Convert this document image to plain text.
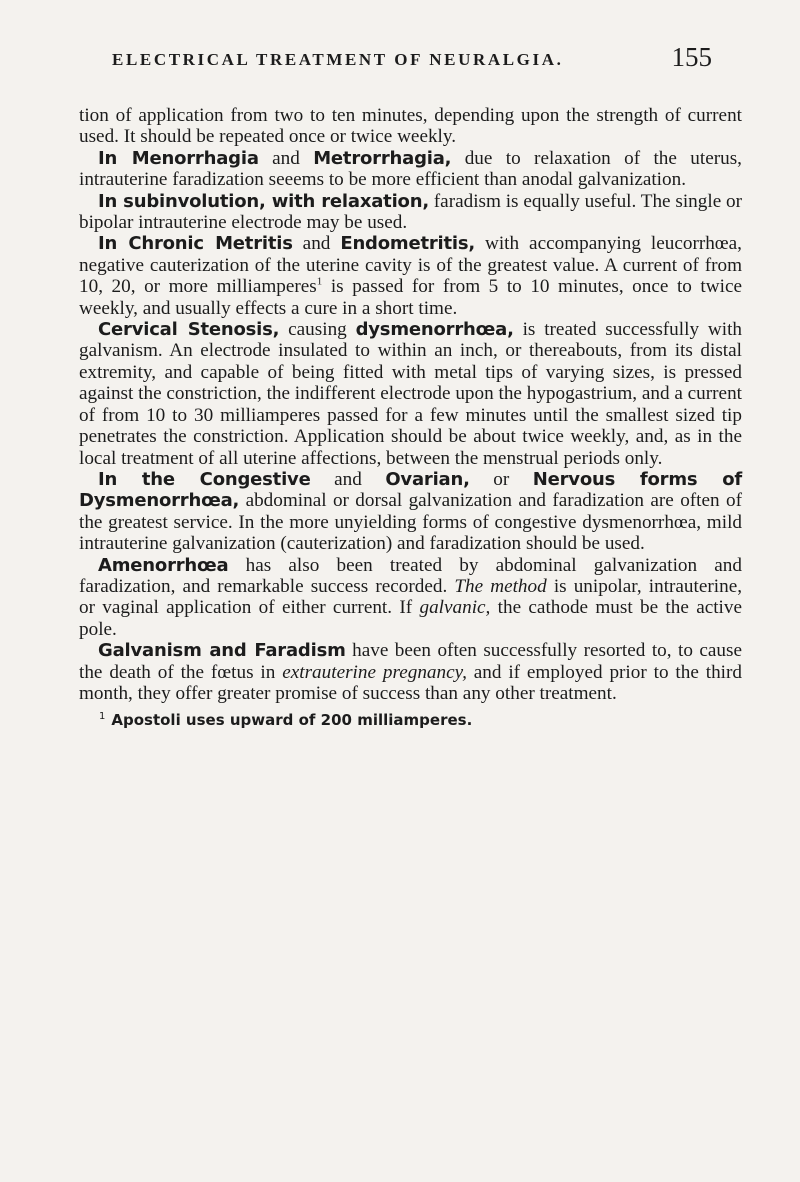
ELECTRICAL TREATMENT OF NEURALGIA.	155

tion of application from two to ten minutes, depending upon the strength of current used. It should be repeated once or twice weekly.

In Menorrhagia and Metrorrhagia, due to relaxation of the uterus, intrauterine faradization seeems to be more efficient than anodal galvanization.

In subinvolution, with relaxation, faradism is equally useful. The single or bipolar intrauterine electrode may be used.

In Chronic Metritis and Endometritis, with accompanying leucorrhœa, negative cauterization of the uterine cavity is of the greatest value. A current of from 10, 20, or more milliamperes$^1$ is passed for from 5 to 10 minutes, once to twice weekly, and usually effects a cure in a short time.

Cervical Stenosis, causing dysmenorrhœa, is treated successfully with galvanism. An electrode insulated to within an inch, or thereabouts, from its distal extremity, and capable of being fitted with metal tips of varying sizes, is pressed against the constriction, the indifferent electrode upon the hypogastrium, and a current of from 10 to 30 milliamperes passed for a few minutes until the smallest sized tip penetrates the constriction. Application should be about twice weekly, and, as in the local treatment of all uterine affections, between the menstrual periods only.

In the Congestive and Ovarian, or Nervous forms of Dysmenorrhœa, abdominal or dorsal galvanization and faradization are often of the greatest service. In the more unyielding forms of congestive dysmenorrhœa, mild intrauterine galvanization (cauterization) and faradization should be used.

Amenorrhœa has also been treated by abdominal galvanization and faradization, and remarkable success recorded. The method is unipolar, intrauterine, or vaginal application of either current. If galvanic, the cathode must be the active pole.

Galvanism and Faradism have been often successfully resorted to, to cause the death of the fœtus in extrauterine pregnancy, and if employed prior to the third month, they offer greater promise of success than any other treatment.

$^1$ Apostoli uses upward of 200 milliamperes.
